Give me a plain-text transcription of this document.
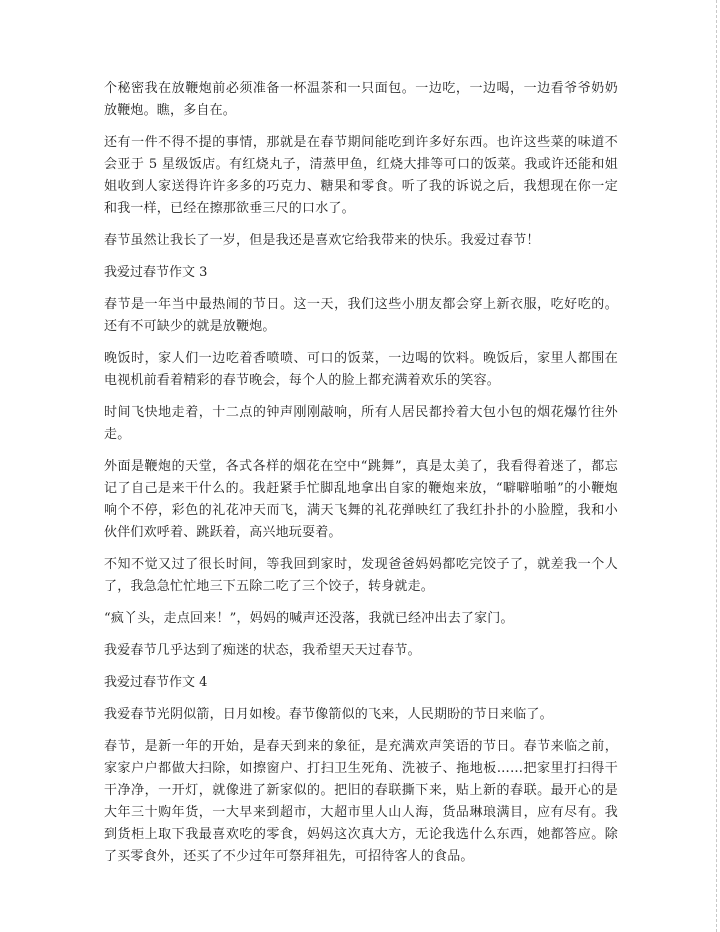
个秘密我在放鞭炮前必须准备一杯温茶和一只面包。一边吃，一边喝，一边看爷爷奶奶放鞭炮。瞧，多自在。

还有一件不得不提的事情，那就是在春节期间能吃到许多好东西。也许这些菜的味道不会亚于 5 星级饭店。有红烧丸子，清蒸甲鱼，红烧大排等可口的饭菜。我或许还能和姐姐收到人家送得许许多多的巧克力、糖果和零食。听了我的诉说之后，我想现在你一定和我一样，已经在擦那欲垂三尺的口水了。

春节虽然让我长了一岁，但是我还是喜欢它给我带来的快乐。我爱过春节！

我爱过春节作文 3

春节是一年当中最热闹的节日。这一天，我们这些小朋友都会穿上新衣服，吃好吃的。还有不可缺少的就是放鞭炮。

晚饭时，家人们一边吃着香喷喷、可口的饭菜，一边喝的饮料。晚饭后，家里人都围在电视机前看着精彩的春节晚会，每个人的脸上都充满着欢乐的笑容。

时间飞快地走着，十二点的钟声刚刚敲响，所有人居民都拎着大包小包的烟花爆竹往外走。

外面是鞭炮的天堂，各式各样的烟花在空中“跳舞”，真是太美了，我看得着迷了，都忘记了自己是来干什么的。我赶紧手忙脚乱地拿出自家的鞭炮来放，“噼噼啪啪”的小鞭炮响个不停，彩色的礼花冲天而飞，满天飞舞的礼花弹映红了我红扑扑的小脸膛，我和小伙伴们欢呼着、跳跃着，高兴地玩耍着。

不知不觉又过了很长时间，等我回到家时，发现爸爸妈妈都吃完饺子了，就差我一个人了，我急急忙忙地三下五除二吃了三个饺子，转身就走。

“疯丫头，走点回来！”，妈妈的喊声还没落，我就已经冲出去了家门。

我爱春节几乎达到了痴迷的状态，我希望天天过春节。

我爱过春节作文 4

我爱春节光阴似箭，日月如梭。春节像箭似的飞来，人民期盼的节日来临了。

春节，是新一年的开始，是春天到来的象征，是充满欢声笑语的节日。春节来临之前，家家户户都做大扫除，如擦窗户、打扫卫生死角、洗被子、拖地板……把家里打扫得干干净净，一开灯，就像进了新家似的。把旧的春联撕下来，贴上新的春联。最开心的是大年三十购年货，一大早来到超市，大超市里人山人海，货品琳琅满目，应有尽有。我到货柜上取下我最喜欢吃的零食，妈妈这次真大方，无论我选什么东西，她都答应。除了买零食外，还买了不少过年可祭拜祖先，可招待客人的食品。
